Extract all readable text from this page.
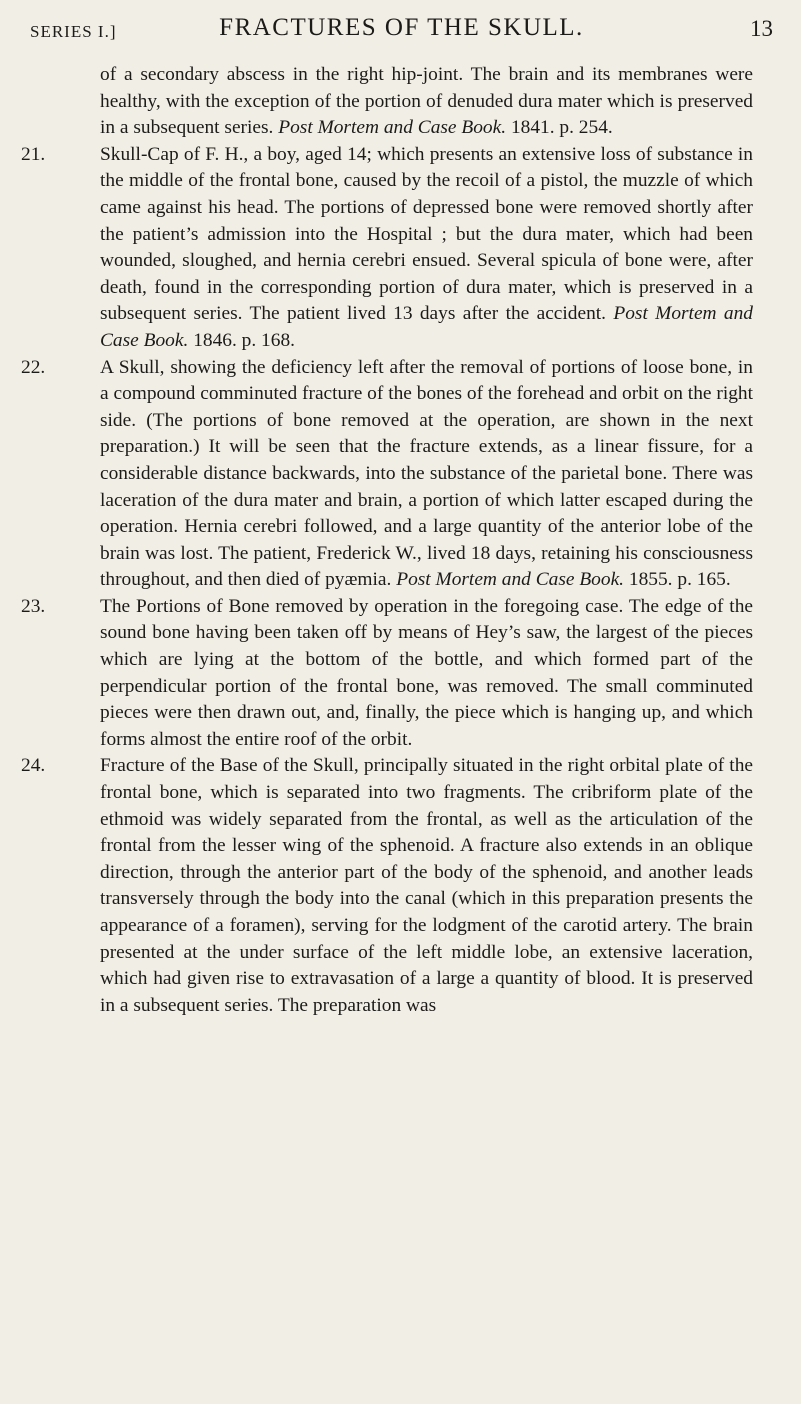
SERIES I.]	FRACTURES OF THE SKULL.	13

of a secondary abscess in the right hip-joint. The brain and its membranes were healthy, with the exception of the portion of denuded dura mater which is preserved in a subsequent series. Post Mortem and Case Book. 1841. p. 254.

21.	Skull-Cap of F. H., a boy, aged 14; which presents an extensive loss of substance in the middle of the frontal bone, caused by the recoil of a pistol, the muzzle of which came against his head. The portions of depressed bone were removed shortly after the patient’s admission into the Hospital ; but the dura mater, which had been wounded, sloughed, and hernia cerebri ensued. Several spicula of bone were, after death, found in the corresponding portion of dura mater, which is preserved in a subsequent series. The patient lived 13 days after the accident. Post Mortem and Case Book. 1846. p. 168.

22.	A Skull, showing the deficiency left after the removal of portions of loose bone, in a compound comminuted fracture of the bones of the forehead and orbit on the right side. (The portions of bone removed at the operation, are shown in the next preparation.) It will be seen that the fracture extends, as a linear fissure, for a considerable distance backwards, into the substance of the parietal bone. There was laceration of the dura mater and brain, a portion of which latter escaped during the operation. Hernia cerebri followed, and a large quantity of the anterior lobe of the brain was lost. The patient, Frederick W., lived 18 days, retaining his consciousness throughout, and then died of pyæmia. Post Mortem and Case Book. 1855. p. 165.

23.	The Portions of Bone removed by operation in the foregoing case. The edge of the sound bone having been taken off by means of Hey’s saw, the largest of the pieces which are lying at the bottom of the bottle, and which formed part of the perpendicular portion of the frontal bone, was removed. The small comminuted pieces were then drawn out, and, finally, the piece which is hanging up, and which forms almost the entire roof of the orbit.

24.	Fracture of the Base of the Skull, principally situated in the right orbital plate of the frontal bone, which is separated into two fragments. The cribriform plate of the ethmoid was widely separated from the frontal, as well as the articulation of the frontal from the lesser wing of the sphenoid. A fracture also extends in an oblique direction, through the anterior part of the body of the sphenoid, and another leads transversely through the body into the canal (which in this preparation presents the appearance of a foramen), serving for the lodgment of the carotid artery. The brain presented at the under surface of the left middle lobe, an extensive laceration, which had given rise to extravasation of a large a quantity of blood. It is preserved in a subsequent series. The preparation was
